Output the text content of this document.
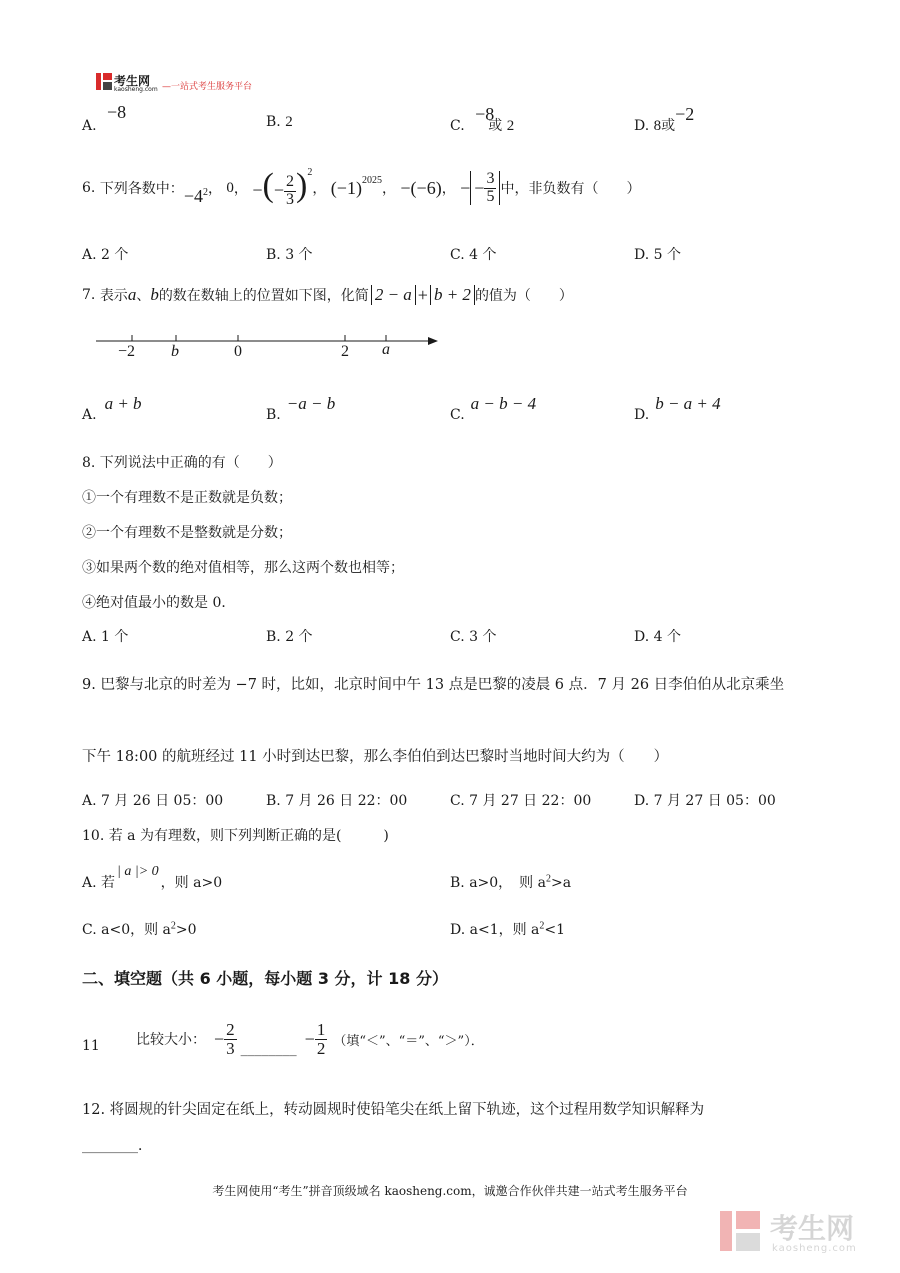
考生网
kaosheng.com —一站式考生服务平台
A. −8	B. 2	C. −8或 2	D. 8或−2
6.
下列各数中： $-4^2$ ，
0 ，
−(− $\frac{2}{3} )^2$
，
$(-1)^{2025}$
，
−(−6) ，
− − $\frac{3}{5}$ 中，非负数有（　　）
A. 2 个	B. 3 个	C. 4 个	D. 5 个
7.
表示 a 、 b 的数在数轴上的位置如下图，化简 2 − a + b + 2 的值为（　　）
−2 b	0	2 a
A.a + b
B.−a − b
C.a − b − 4
D.b − a + 4
8. 下列说法中正确的有（　　）
①一个有理数不是正数就是负数；
②一个有理数不是整数就是分数；
③如果两个数的绝对值相等，那么这两个数也相等；
④绝对值最小的数是 0．
A. 1 个	B. 2 个	C. 3 个	D. 4 个
9. 巴黎与北京的时差为 −7 时，比如，北京时间中午 13 点是巴黎的凌晨 6 点．7 月 26 日李伯伯从北京乘坐
下午 18:00 的航班经过 11 小时到达巴黎，那么李伯伯到达巴黎时当地时间大约为（　　）
A. 7 月 26 日 05：00	B. 7 月 26 日 22：00	C. 7 月 27 日 22：00	D. 7 月 27 日 05：00
10. 若 a 为有理数，则下列判断正确的是(　　　)
A. 若| a |> 0，则 a>0	B. a>0，　则 $a^2>a$
C. a<0，则 $a^2>0$	D. a<1，则 $a^2<1$
二、填空题（共 6 小题，每小题 3 分，计 18 分）
11	比较大小： − $\frac{2}{3}$ ________
− $\frac{1}{2}$ （填“＜”、“＝”、“＞”）．
12. 将圆规的针尖固定在纸上，转动圆规时使铅笔尖在纸上留下轨迹，这个过程用数学知识解释为
________．
考生网使用“考生”拼音顶级域名 kaosheng.com，诚邀合作伙伴共建一站式考生服务平台
考生网
kaosheng.com
